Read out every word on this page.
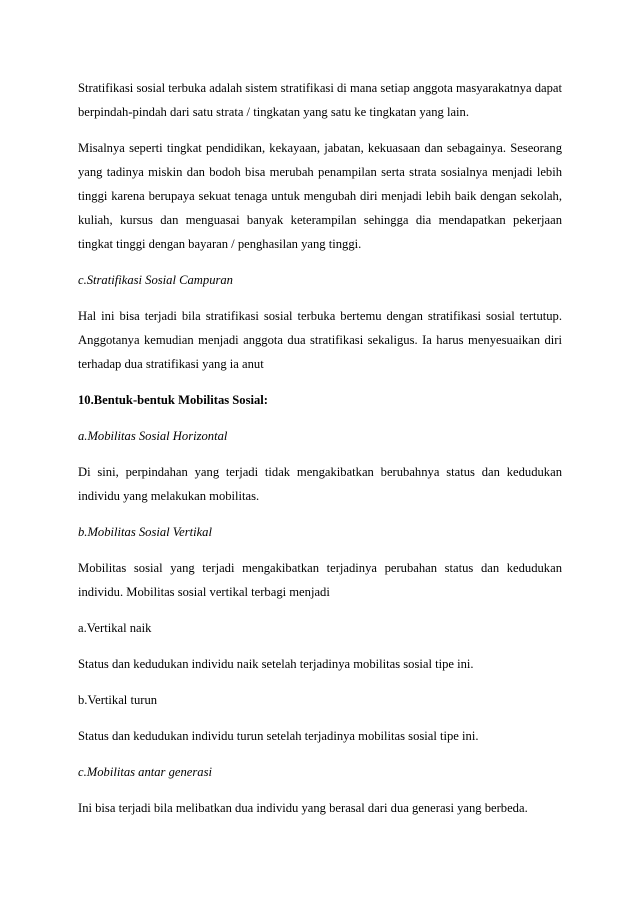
Stratifikasi sosial terbuka adalah sistem stratifikasi di mana setiap anggota masyarakatnya dapat berpindah-pindah dari satu strata / tingkatan yang satu ke tingkatan yang lain.

Misalnya seperti tingkat pendidikan, kekayaan, jabatan, kekuasaan dan sebagainya. Seseorang yang tadinya miskin dan bodoh bisa merubah penampilan serta strata sosialnya menjadi lebih tinggi karena berupaya sekuat tenaga untuk mengubah diri menjadi lebih baik dengan sekolah, kuliah, kursus dan menguasai banyak keterampilan sehingga dia mendapatkan pekerjaan tingkat tinggi dengan bayaran / penghasilan yang tinggi.

c.Stratifikasi Sosial Campuran

Hal ini bisa terjadi bila stratifikasi sosial terbuka bertemu dengan stratifikasi sosial tertutup. Anggotanya kemudian menjadi anggota dua stratifikasi sekaligus. Ia harus menyesuaikan diri terhadap dua stratifikasi yang ia anut

10.Bentuk-bentuk Mobilitas Sosial:

a.Mobilitas Sosial Horizontal

Di sini, perpindahan yang terjadi tidak mengakibatkan berubahnya status dan kedudukan individu yang melakukan mobilitas.

b.Mobilitas Sosial Vertikal

Mobilitas sosial yang terjadi mengakibatkan terjadinya perubahan status dan kedudukan individu. Mobilitas sosial vertikal terbagi menjadi

a.Vertikal naik

Status dan kedudukan individu naik setelah terjadinya mobilitas sosial tipe ini.

b.Vertikal turun

Status dan kedudukan individu turun setelah terjadinya mobilitas sosial tipe ini.

c.Mobilitas antar generasi

Ini bisa terjadi bila melibatkan dua individu yang berasal dari dua generasi yang berbeda.
